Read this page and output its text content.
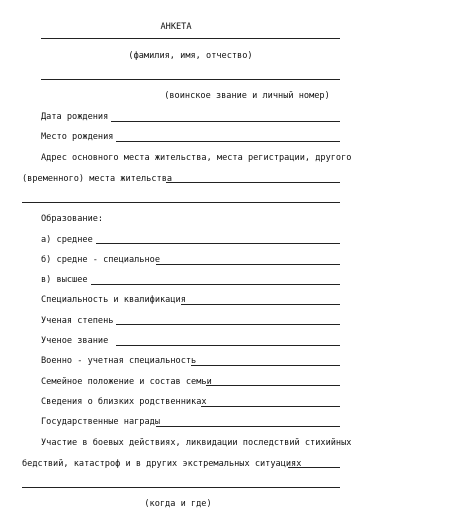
АНКЕТА
(фамилия, имя, отчество)
(воинское звание и личный номер)
Дата рождения
Место рождения
Адрес основного места жительства, места регистрации, другого
(временного) места жительства
Образование:
а) среднее
б) средне - специальное
в) высшее
Специальность и квалификация
Ученая степень
Ученое звание
Военно - учетная специальность
Семейное положение и состав семьи
Сведения о близких родственниках
Государственные награды
Участие в боевых действиях, ликвидации последствий стихийных
бедствий, катастроф и в других экстремальных ситуациях
(когда и где)
